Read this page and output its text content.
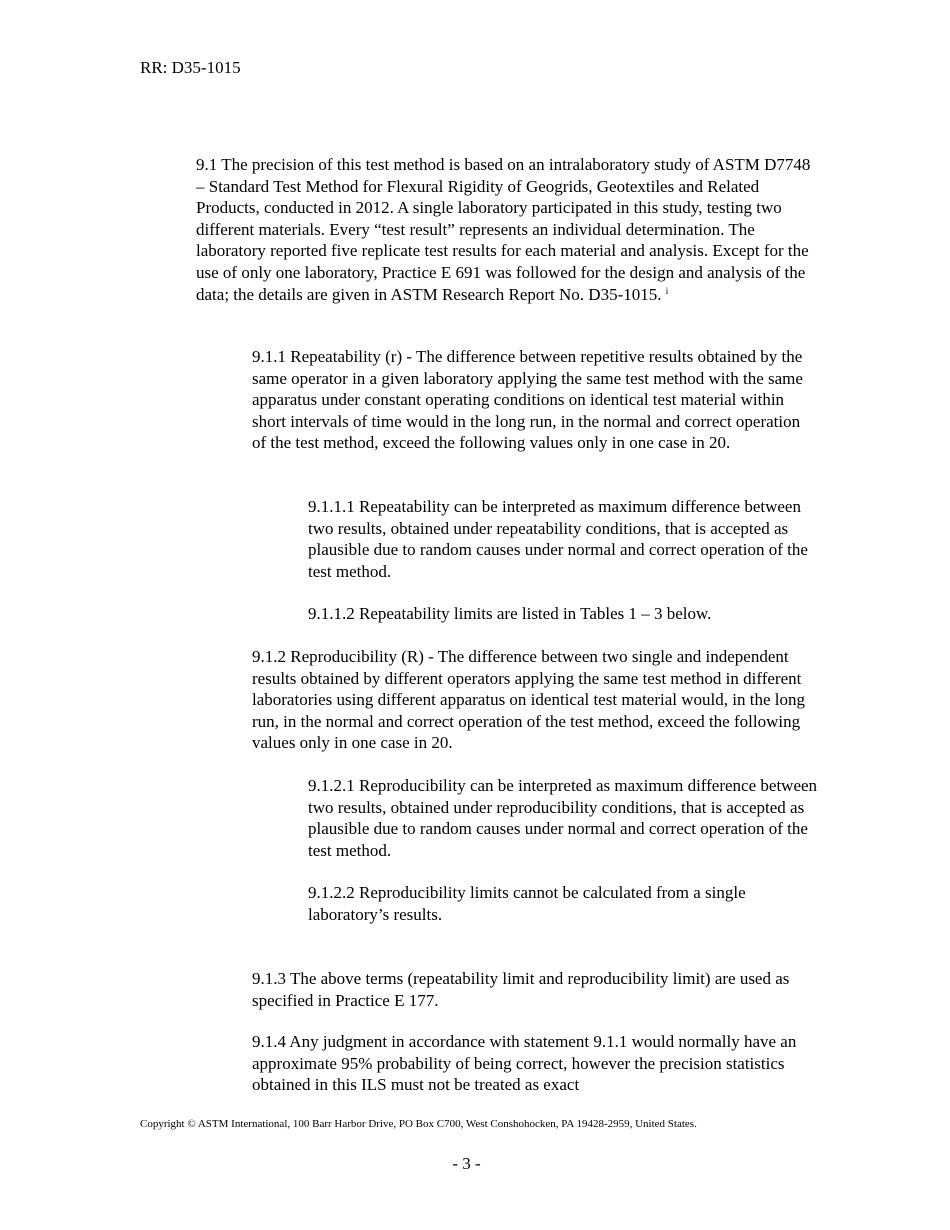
RR: D35-1015

9.1 The precision of this test method is based on an intralaboratory study of ASTM D7748 – Standard Test Method for Flexural Rigidity of Geogrids, Geotextiles and Related Products, conducted in 2012. A single laboratory participated in this study, testing two different materials. Every “test result” represents an individual determination. The laboratory reported five replicate test results for each material and analysis. Except for the use of only one laboratory, Practice E 691 was followed for the design and analysis of the data; the details are given in ASTM Research Report No. D35-1015. $^i$

9.1.1 Repeatability (r) - The difference between repetitive results obtained by the same operator in a given laboratory applying the same test method with the same apparatus under constant operating conditions on identical test material within short intervals of time would in the long run, in the normal and correct operation of the test method, exceed the following values only in one case in 20.

9.1.1.1 Repeatability can be interpreted as maximum difference between two results, obtained under repeatability conditions, that is accepted as plausible due to random causes under normal and correct operation of the test method.

9.1.1.2 Repeatability limits are listed in Tables 1 – 3 below.

9.1.2 Reproducibility (R) - The difference between two single and independent results obtained by different operators applying the same test method in different laboratories using different apparatus on identical test material would, in the long run, in the normal and correct operation of the test method, exceed the following values only in one case in 20.

9.1.2.1 Reproducibility can be interpreted as maximum difference between two results, obtained under reproducibility conditions, that is accepted as plausible due to random causes under normal and correct operation of the test method.

9.1.2.2 Reproducibility limits cannot be calculated from a single laboratory’s results.

9.1.3 The above terms (repeatability limit and reproducibility limit) are used as specified in Practice E 177.

9.1.4 Any judgment in accordance with statement 9.1.1 would normally have an approximate 95% probability of being correct, however the precision statistics obtained in this ILS must not be treated as exact

Copyright © ASTM International, 100 Barr Harbor Drive, PO Box C700, West Conshohocken, PA 19428-2959, United States.
- 3 -
